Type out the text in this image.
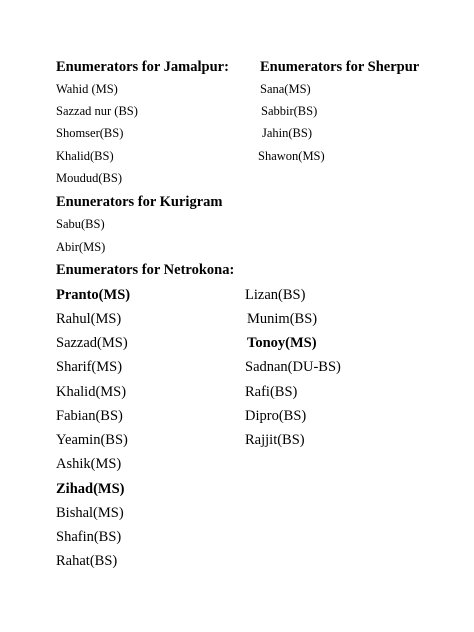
Enumerators for Jamalpur:
Wahid (MS)
Sazzad nur (BS)
Shomser(BS)
Khalid(BS)
Moudud(BS)
Enumerators for Sherpur
Sana(MS)
Sabbir(BS)
Jahin(BS)
Shawon(MS)
Enunerators for Kurigram
Sabu(BS)
Abir(MS)
Enumerators for Netrokona:
Pranto(MS)
Rahul(MS)
Sazzad(MS)
Sharif(MS)
Khalid(MS)
Fabian(BS)
Yeamin(BS)
Ashik(MS)
Zihad(MS)
Bishal(MS)
Shafin(BS)
Rahat(BS)
Lizan(BS)
Munim(BS)
Tonoy(MS)
Sadnan(DU-BS)
Rafi(BS)
Dipro(BS)
Rajjit(BS)
